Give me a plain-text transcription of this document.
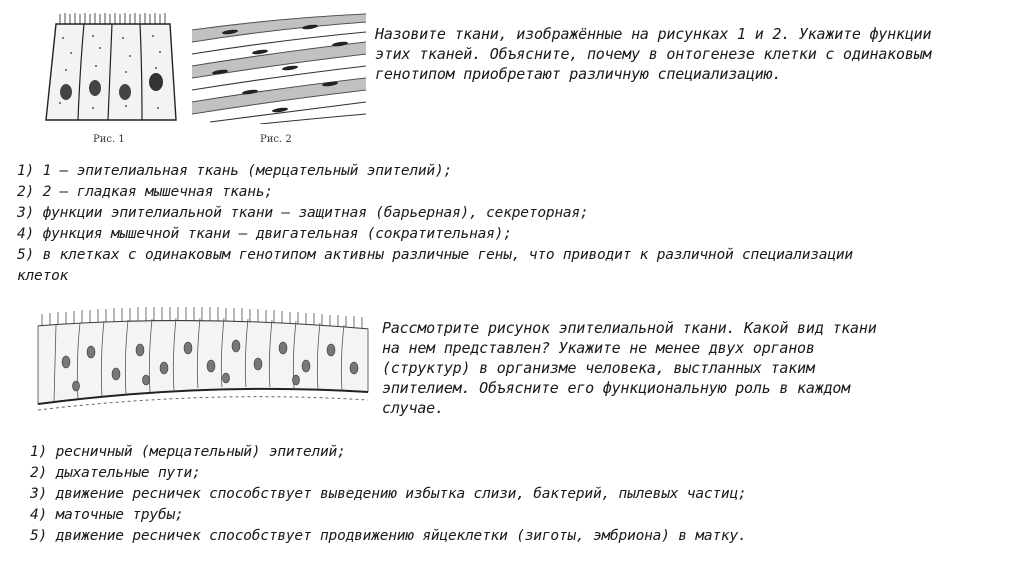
Рис. 1	Рис. 2
Назовите ткани, изображённые на рисунках 1 и 2. Укажите функции
этих тканей. Объясните, почему в онтогенезе клетки с одинаковым
генотипом приобретают различную специализацию.
1) 1 – эпителиальная ткань (мерцательный эпителий);
2) 2 – гладкая мышечная ткань;
3) функции эпителиальной ткани – защитная (барьерная), секреторная;
4) функция мышечной ткани – двигательная (сократительная);
5) в клетках с одинаковым генотипом активны различные гены, что приводит к различной специализации
клеток
Рассмотрите рисунок эпителиальной ткани. Какой вид ткани
на нем представлен? Укажите не менее двух органов
(структур) в организме человека, выстланных таким
эпителием. Объясните его функциональную роль в каждом
случае.
1) ресничный (мерцательный) эпителий;
2) дыхательные пути;
3) движение ресничек способствует выведению избытка слизи, бактерий, пылевых частиц;
4) маточные трубы;
5) движение ресничек способствует продвижению яйцеклетки (зиготы, эмбриона) в матку.
